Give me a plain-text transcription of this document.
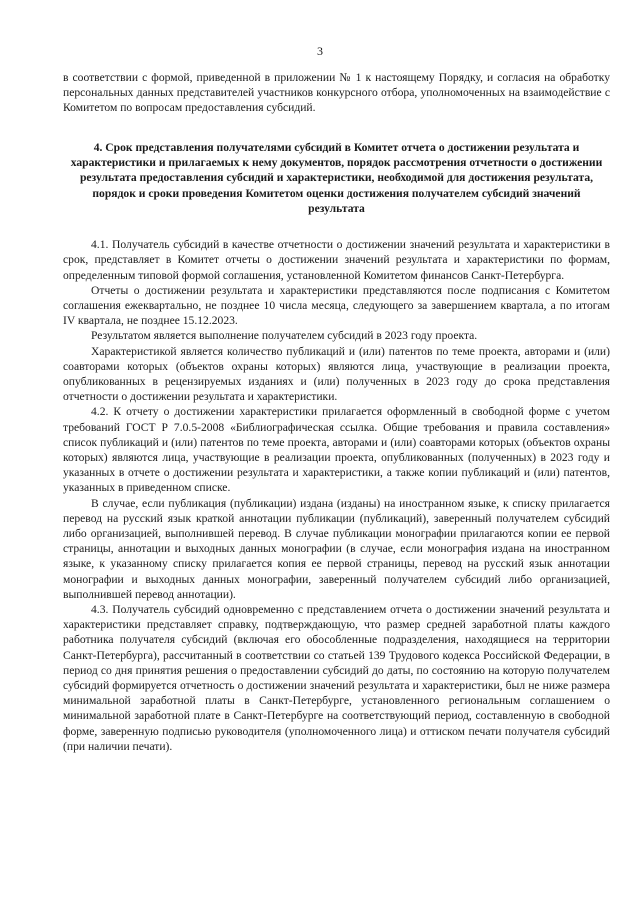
3

в соответствии с формой, приведенной в приложении № 1 к настоящему Порядку, и согласия на обработку персональных данных представителей участников конкурсного отбора, уполномоченных на взаимодействие с Комитетом по вопросам предоставления субсидий.

4. Срок представления получателями субсидий в Комитет отчета о достижении результата и характеристики и прилагаемых к нему документов, порядок рассмотрения отчетности о достижении результата предоставления субсидий и характеристики, необходимой для достижения результата, порядок и сроки проведения Комитетом оценки достижения получателем субсидий значений результата

4.1. Получатель субсидий в качестве отчетности о достижении значений результата и характеристики в срок, представляет в Комитет отчеты о достижении значений результата и характеристики по формам, определенным типовой формой соглашения, установленной Комитетом финансов Санкт-Петербурга.

Отчеты о достижении результата и характеристики представляются после подписания с Комитетом соглашения ежеквартально, не позднее 10 числа месяца, следующего за завершением квартала, а по итогам IV квартала, не позднее 15.12.2023.

Результатом является выполнение получателем субсидий в 2023 году проекта.

Характеристикой является количество публикаций и (или) патентов по теме проекта, авторами и (или) соавторами которых (объектов охраны которых) являются лица, участвующие в реализации проекта, опубликованных в рецензируемых изданиях и (или) полученных в 2023 году до срока представления отчетности о достижении результата и характеристики.

4.2. К отчету о достижении характеристики прилагается оформленный в свободной форме с учетом требований ГОСТ Р 7.0.5-2008 «Библиографическая ссылка. Общие требования и правила составления» список публикаций и (или) патентов по теме проекта, авторами и (или) соавторами которых (объектов охраны которых) являются лица, участвующие в реализации проекта, опубликованных (полученных) в 2023 году и указанных в отчете о достижении результата и характеристики, а также копии публикаций и (или) патентов, указанных в приведенном списке.

В случае, если публикация (публикации) издана (изданы) на иностранном языке, к списку прилагается перевод на русский язык краткой аннотации публикации (публикаций), заверенный получателем субсидий либо организацией, выполнившей перевод. В случае публикации монографии прилагаются копии ее первой страницы, аннотации и выходных данных монографии (в случае, если монография издана на иностранном языке, к указанному списку прилагается копия ее первой страницы, перевод на русский язык аннотации монографии и выходных данных монографии, заверенный получателем субсидий либо организацией, выполнившей перевод аннотации).

4.3. Получатель субсидий одновременно с представлением отчета о достижении значений результата и характеристики представляет справку, подтверждающую, что размер средней заработной платы каждого работника получателя субсидий (включая его обособленные подразделения, находящиеся на территории Санкт-Петербурга), рассчитанный в соответствии со статьей 139 Трудового кодекса Российской Федерации, в период со дня принятия решения о предоставлении субсидий до даты, по состоянию на которую получателем субсидий формируется отчетность о достижении значений результата и характеристики, был не ниже размера минимальной заработной платы в Санкт-Петербурге, установленного региональным соглашением о минимальной заработной плате в Санкт-Петербурге на соответствующий период, составленную в свободной форме, заверенную подписью руководителя (уполномоченного лица) и оттиском печати получателя субсидий (при наличии печати).
